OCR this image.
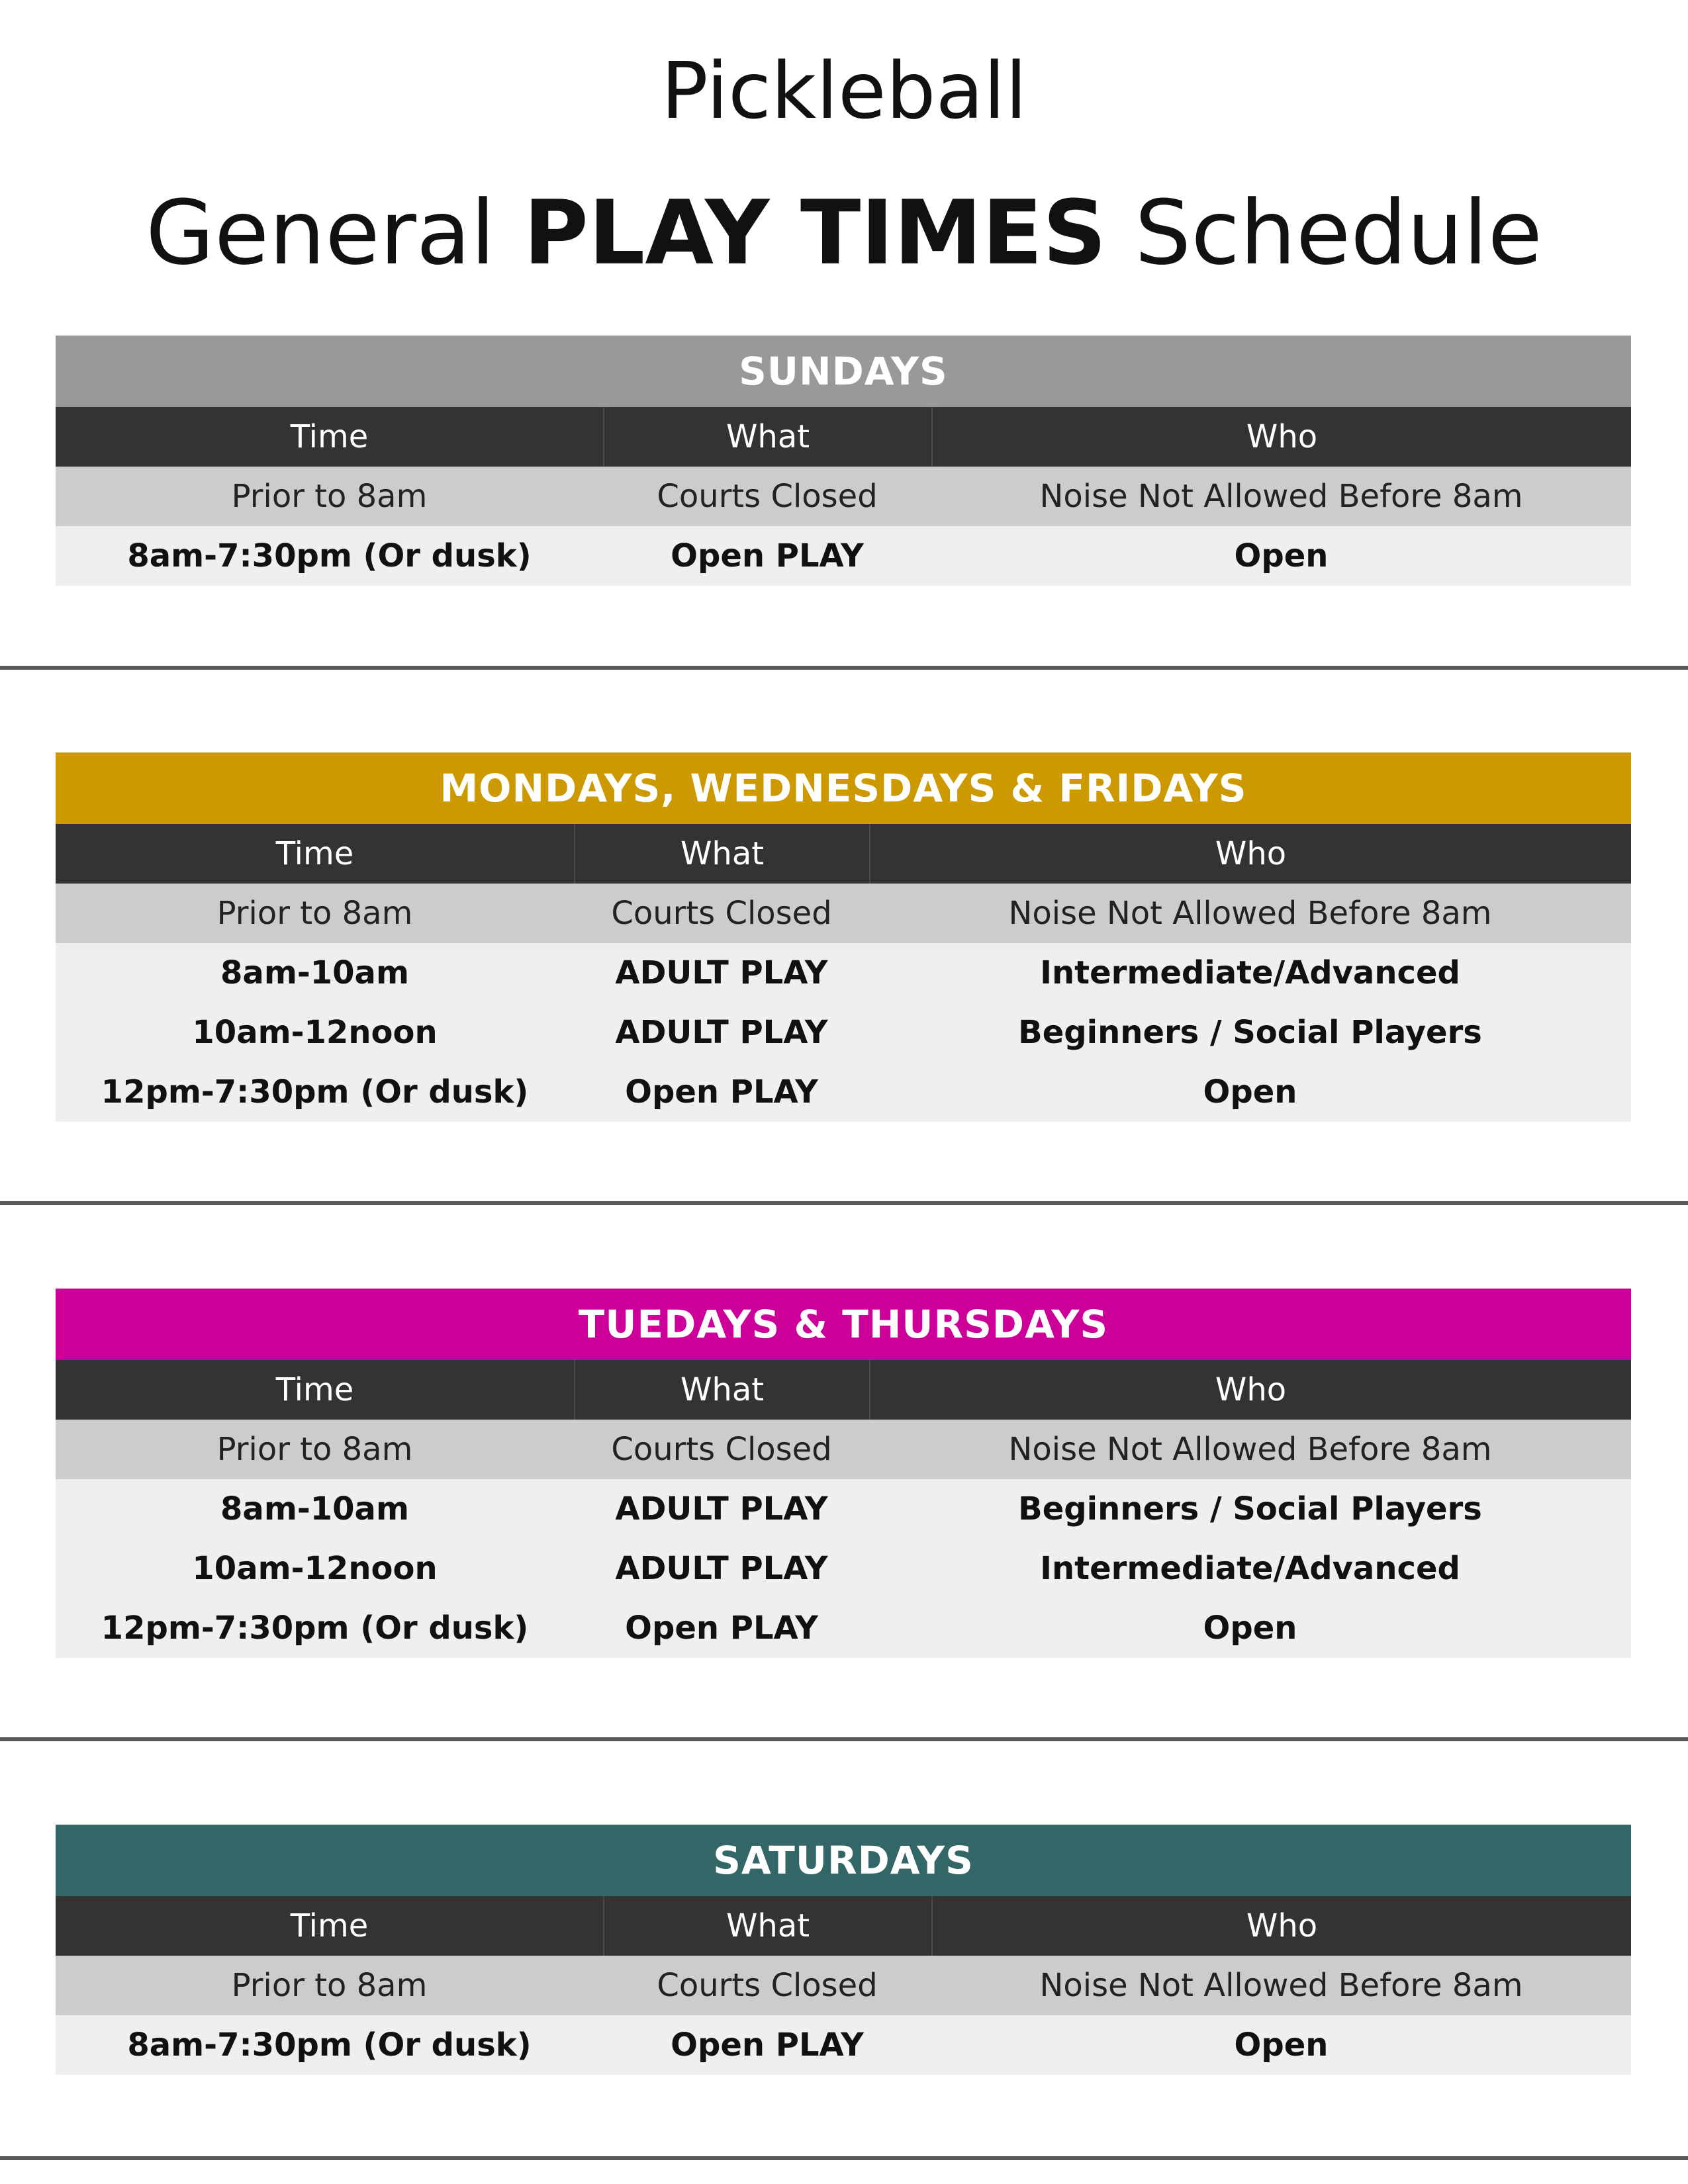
Pickleball
General PLAY TIMES Schedule
SUNDAYS
Time	What	Who
Prior to 8am	Courts Closed	Noise Not Allowed Before 8am
8am-7:30pm (Or dusk)	Open PLAY	Open
MONDAYS, WEDNESDAYS & FRIDAYS
Time	What	Who
Prior to 8am	Courts Closed	Noise Not Allowed Before 8am
8am-10am	ADULT PLAY	Intermediate/Advanced
10am-12noon	ADULT PLAY	Beginners / Social Players
12pm-7:30pm (Or dusk)	Open PLAY	Open
TUEDAYS & THURSDAYS
Time	What	Who
Prior to 8am	Courts Closed	Noise Not Allowed Before 8am
8am-10am	ADULT PLAY	Beginners / Social Players
10am-12noon	ADULT PLAY	Intermediate/Advanced
12pm-7:30pm (Or dusk)	Open PLAY	Open
SATURDAYS
Time	What	Who
Prior to 8am	Courts Closed	Noise Not Allowed Before 8am
8am-7:30pm (Or dusk)	Open PLAY	Open
